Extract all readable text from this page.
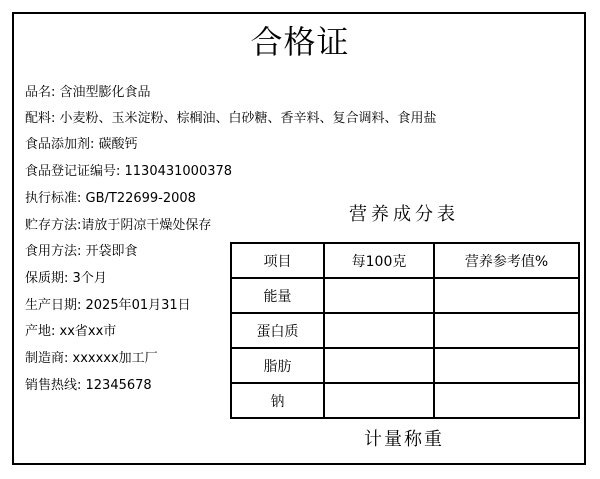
合格证
品名: 含油型膨化食品
配料: 小麦粉、玉米淀粉、棕榈油、白砂糖、香辛料、复合调料、食用盐
食品添加剂: 碳酸钙
食品登记证编号: 1130431000378
执行标准: GB/T22699-2008
贮存方法:请放于阴凉干燥处保存
食用方法: 开袋即食
保质期: 3个月
生产日期: 2025年01月31日
产地: xx省xx市
制造商: xxxxxx加工厂
销售热线: 12345678
营养成分表
项目	每100克	营养参考值%
能量		
蛋白质		
脂肪		
钠		
计量称重
